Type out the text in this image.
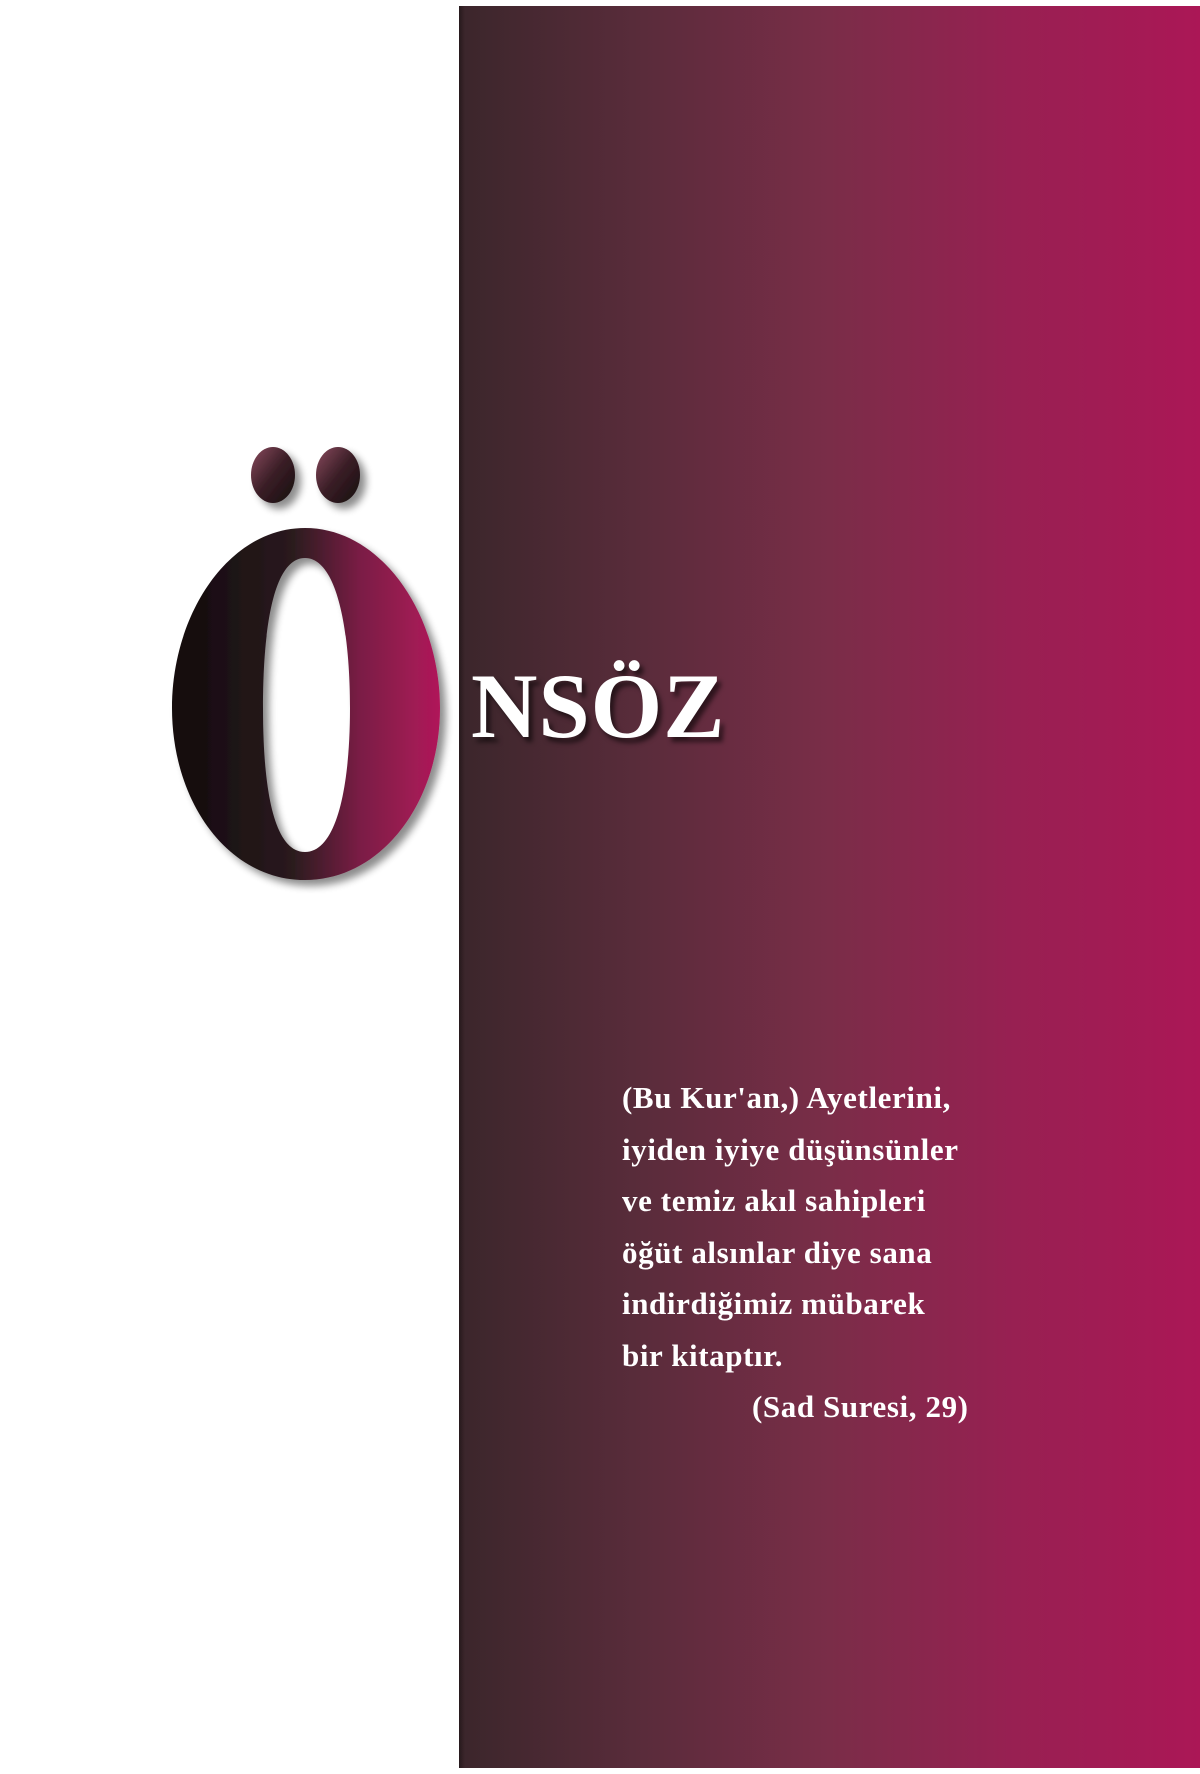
NSÖZ
(Bu Kur'an,) Ayetlerini,
iyiden iyiye düşünsünler
ve temiz akıl sahipleri
öğüt alsınlar diye sana
indirdiğimiz mübarek
bir kitaptır.
(Sad Suresi, 29)
